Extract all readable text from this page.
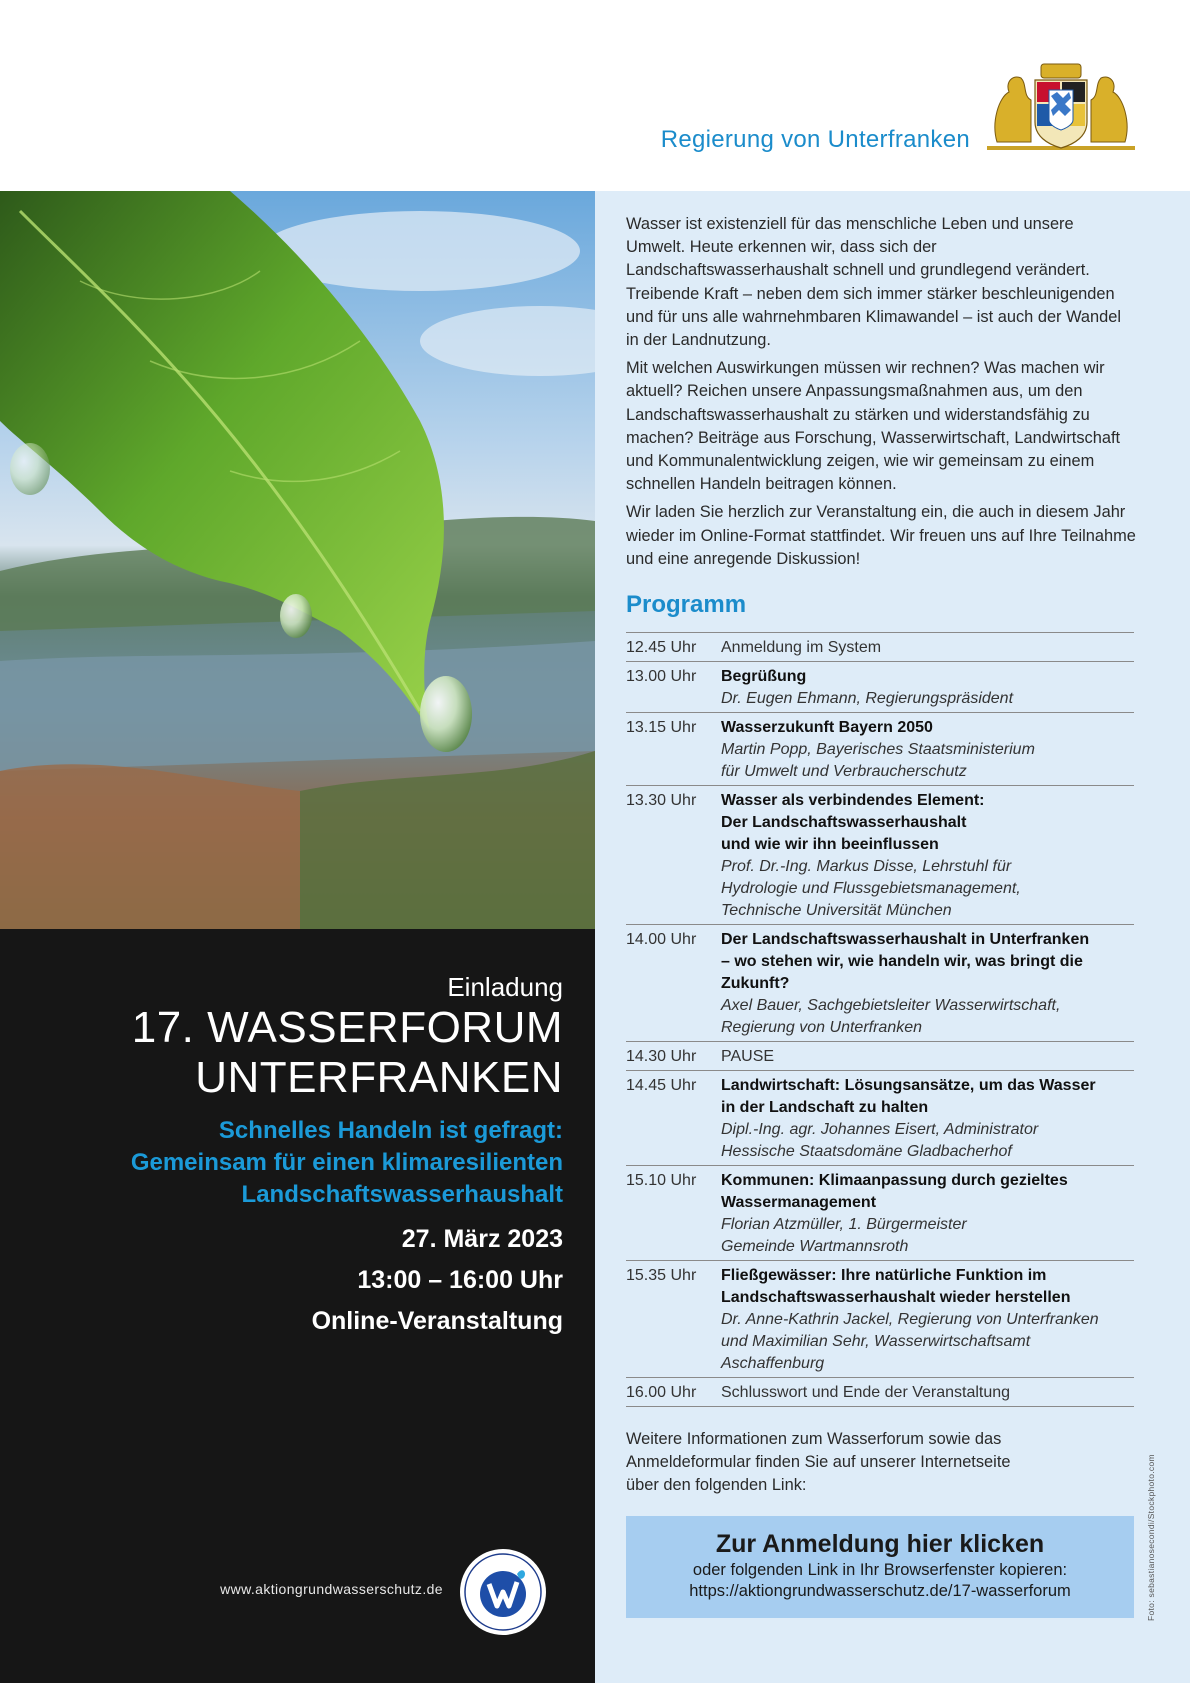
Regierung von Unterfranken

Einladung

17. WASSERFORUM

UNTERFRANKEN

Schnelles Handeln ist gefragt:
Gemeinsam für einen klimaresilienten
Landschaftswasserhaushalt

27. März 2023

13:00 – 16:00 Uhr

Online-Veranstaltung

www.aktiongrundwasserschutz.de

Wasser ist existenziell für das menschliche Leben und unsere Umwelt. Heute erkennen wir, dass sich der Landschaftswasserhaushalt schnell und grundlegend verändert. Treibende Kraft – neben dem sich immer stärker beschleunigenden und für uns alle wahrnehmbaren Klimawandel – ist auch der Wandel in der Landnutzung.

Mit welchen Auswirkungen müssen wir rechnen? Was machen wir aktuell? Reichen unsere Anpassungsmaßnahmen aus, um den Landschaftswasserhaushalt zu stärken und widerstandsfähig zu machen? Beiträge aus Forschung, Wasserwirtschaft, Landwirtschaft und Kommunalentwicklung zeigen, wie wir gemeinsam zu einem schnellen Handeln beitragen können.

Wir laden Sie herzlich zur Veranstaltung ein, die auch in diesem Jahr wieder im Online-Format stattfindet. Wir freuen uns auf Ihre Teilnahme und eine anregende Diskussion!

Programm
12.45 Uhr	Anmeldung im System
13.00 Uhr	Begrüßung
Dr. Eugen Ehmann, Regierungspräsident
13.15 Uhr	Wasserzukunft Bayern 2050
Martin Popp, Bayerisches Staatsministerium
für Umwelt und Verbraucherschutz
13.30 Uhr	Wasser als verbindendes Element:
Der Landschaftswasserhaushalt
und wie wir ihn beeinflussen
Prof. Dr.-Ing. Markus Disse, Lehrstuhl für
Hydrologie und Flussgebietsmanagement,
Technische Universität München
14.00 Uhr	Der Landschaftswasserhaushalt in Unterfranken
– wo stehen wir, wie handeln wir, was bringt die
Zukunft?
Axel Bauer, Sachgebietsleiter Wasserwirtschaft,
Regierung von Unterfranken
14.30 Uhr	PAUSE
14.45 Uhr	Landwirtschaft: Lösungsansätze, um das Wasser
in der Landschaft zu halten
Dipl.-Ing. agr. Johannes Eisert, Administrator
Hessische Staatsdomäne Gladbacherhof
15.10 Uhr	Kommunen: Klimaanpassung durch gezieltes
Wassermanagement
Florian Atzmüller, 1. Bürgermeister
Gemeinde Wartmannsroth
15.35 Uhr	Fließgewässer: Ihre natürliche Funktion im
Landschaftswasserhaushalt wieder herstellen
Dr. Anne-Kathrin Jackel, Regierung von Unterfranken
und Maximilian Sehr, Wasserwirtschaftsamt
Aschaffenburg
16.00 Uhr	Schlusswort und Ende der Veranstaltung
Weitere Informationen zum Wasserforum sowie das
Anmeldeformular finden Sie auf unserer Internetseite
über den folgenden Link:
Zur Anmeldung hier klicken
oder folgenden Link in Ihr Browserfenster kopieren:
https://aktiongrundwasserschutz.de/17-wasserforum	Foto: sebastianosecondi/Stockphoto.com
